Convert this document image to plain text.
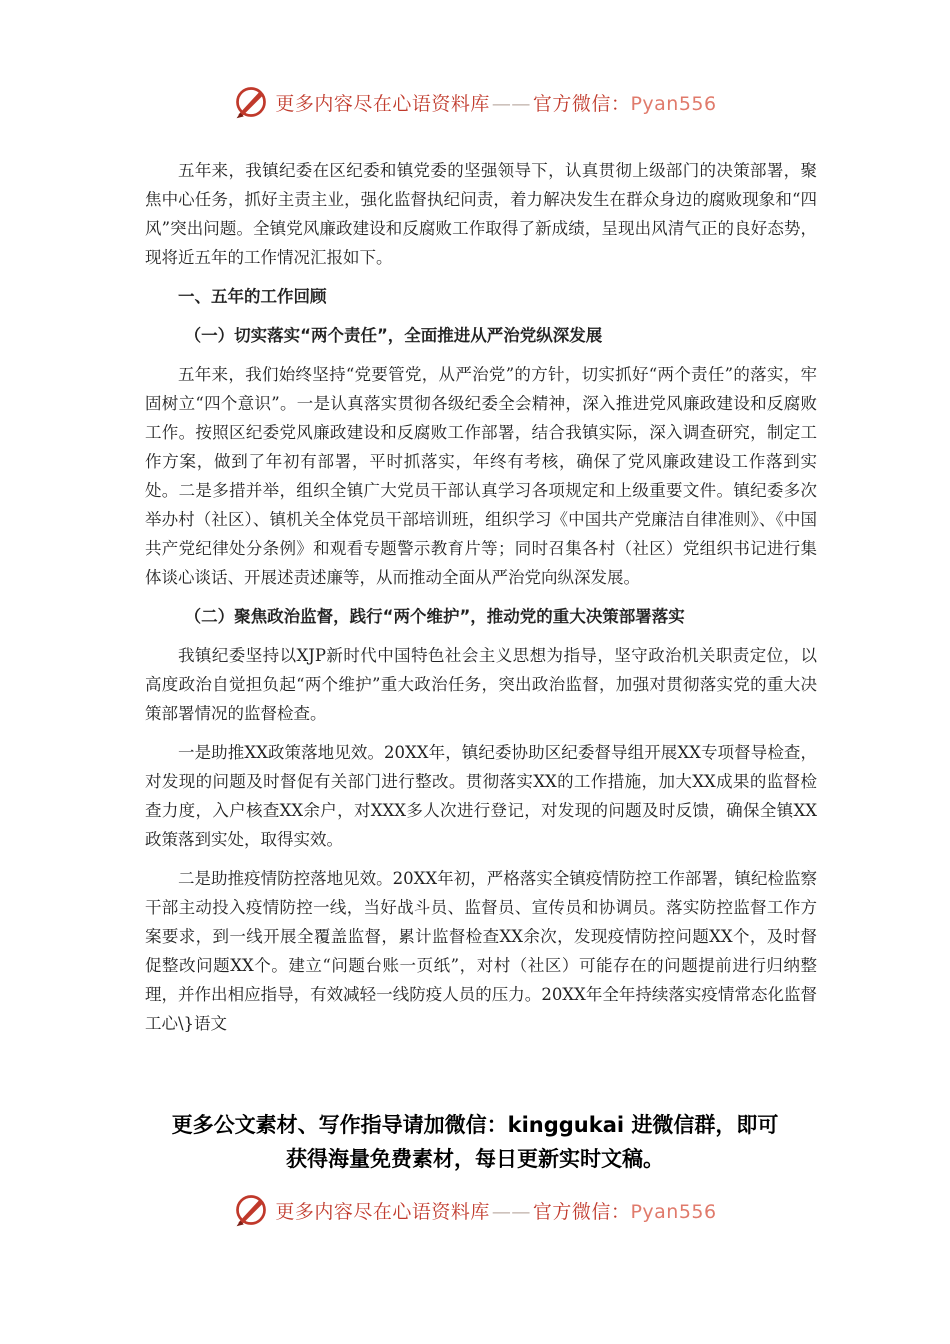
更多内容尽在心语资料库 —— 官方微信：Pyan556

五年来，我镇纪委在区纪委和镇党委的坚强领导下，认真贯彻上级部门的决策部署，聚焦中心任务，抓好主责主业，强化监督执纪问责，着力解决发生在群众身边的腐败现象和“四风”突出问题。全镇党风廉政建设和反腐败工作取得了新成绩，呈现出风清气正的良好态势，现将近五年的工作情况汇报如下。

一、五年的工作回顾
（一）切实落实“两个责任”，全面推进从严治党纵深发展

五年来，我们始终坚持“党要管党，从严治党”的方针，切实抓好“两个责任”的落实，牢固树立“四个意识”。一是认真落实贯彻各级纪委全会精神，深入推进党风廉政建设和反腐败工作。按照区纪委党风廉政建设和反腐败工作部署，结合我镇实际，深入调查研究，制定工作方案，做到了年初有部署，平时抓落实，年终有考核，确保了党风廉政建设工作落到实处。二是多措并举，组织全镇广大党员干部认真学习各项规定和上级重要文件。镇纪委多次举办村（社区）、镇机关全体党员干部培训班，组织学习《中国共产党廉洁自律准则》、《中国共产党纪律处分条例》和观看专题警示教育片等；同时召集各村（社区）党组织书记进行集体谈心谈话、开展述责述廉等，从而推动全面从严治党向纵深发展。

（二）聚焦政治监督，践行“两个维护”，推动党的重大决策部署落实

我镇纪委坚持以XJP新时代中国特色社会主义思想为指导，坚守政治机关职责定位，以高度政治自觉担负起“两个维护”重大政治任务，突出政治监督，加强对贯彻落实党的重大决策部署情况的监督检查。

一是助推XX政策落地见效。20XX年，镇纪委协助区纪委督导组开展XX专项督导检查，对发现的问题及时督促有关部门进行整改。贯彻落实XX的工作措施，加大XX成果的监督检查力度，入户核查XX余户，对XXX多人次进行登记，对发现的问题及时反馈，确保全镇XX政策落到实处，取得实效。

二是助推疫情防控落地见效。20XX年初，严格落实全镇疫情防控工作部署，镇纪检监察干部主动投入疫情防控一线，当好战斗员、监督员、宣传员和协调员。落实防控监督工作方案要求，到一线开展全覆盖监督，累计监督检查XX余次，发现疫情防控问题XX个，及时督促整改问题XX个。建立“问题台账一页纸”，对村（社区）可能存在的问题提前进行归纳整理，并作出相应指导，有效减轻一线防疫人员的压力。20XX年全年持续落实疫情常态化监督工心\}语文

更多公文素材、写作指导请加微信：kinggukai 进微信群，即可
获得海量免费素材，每日更新实时文稿。
更多内容尽在心语资料库 —— 官方微信：Pyan556
